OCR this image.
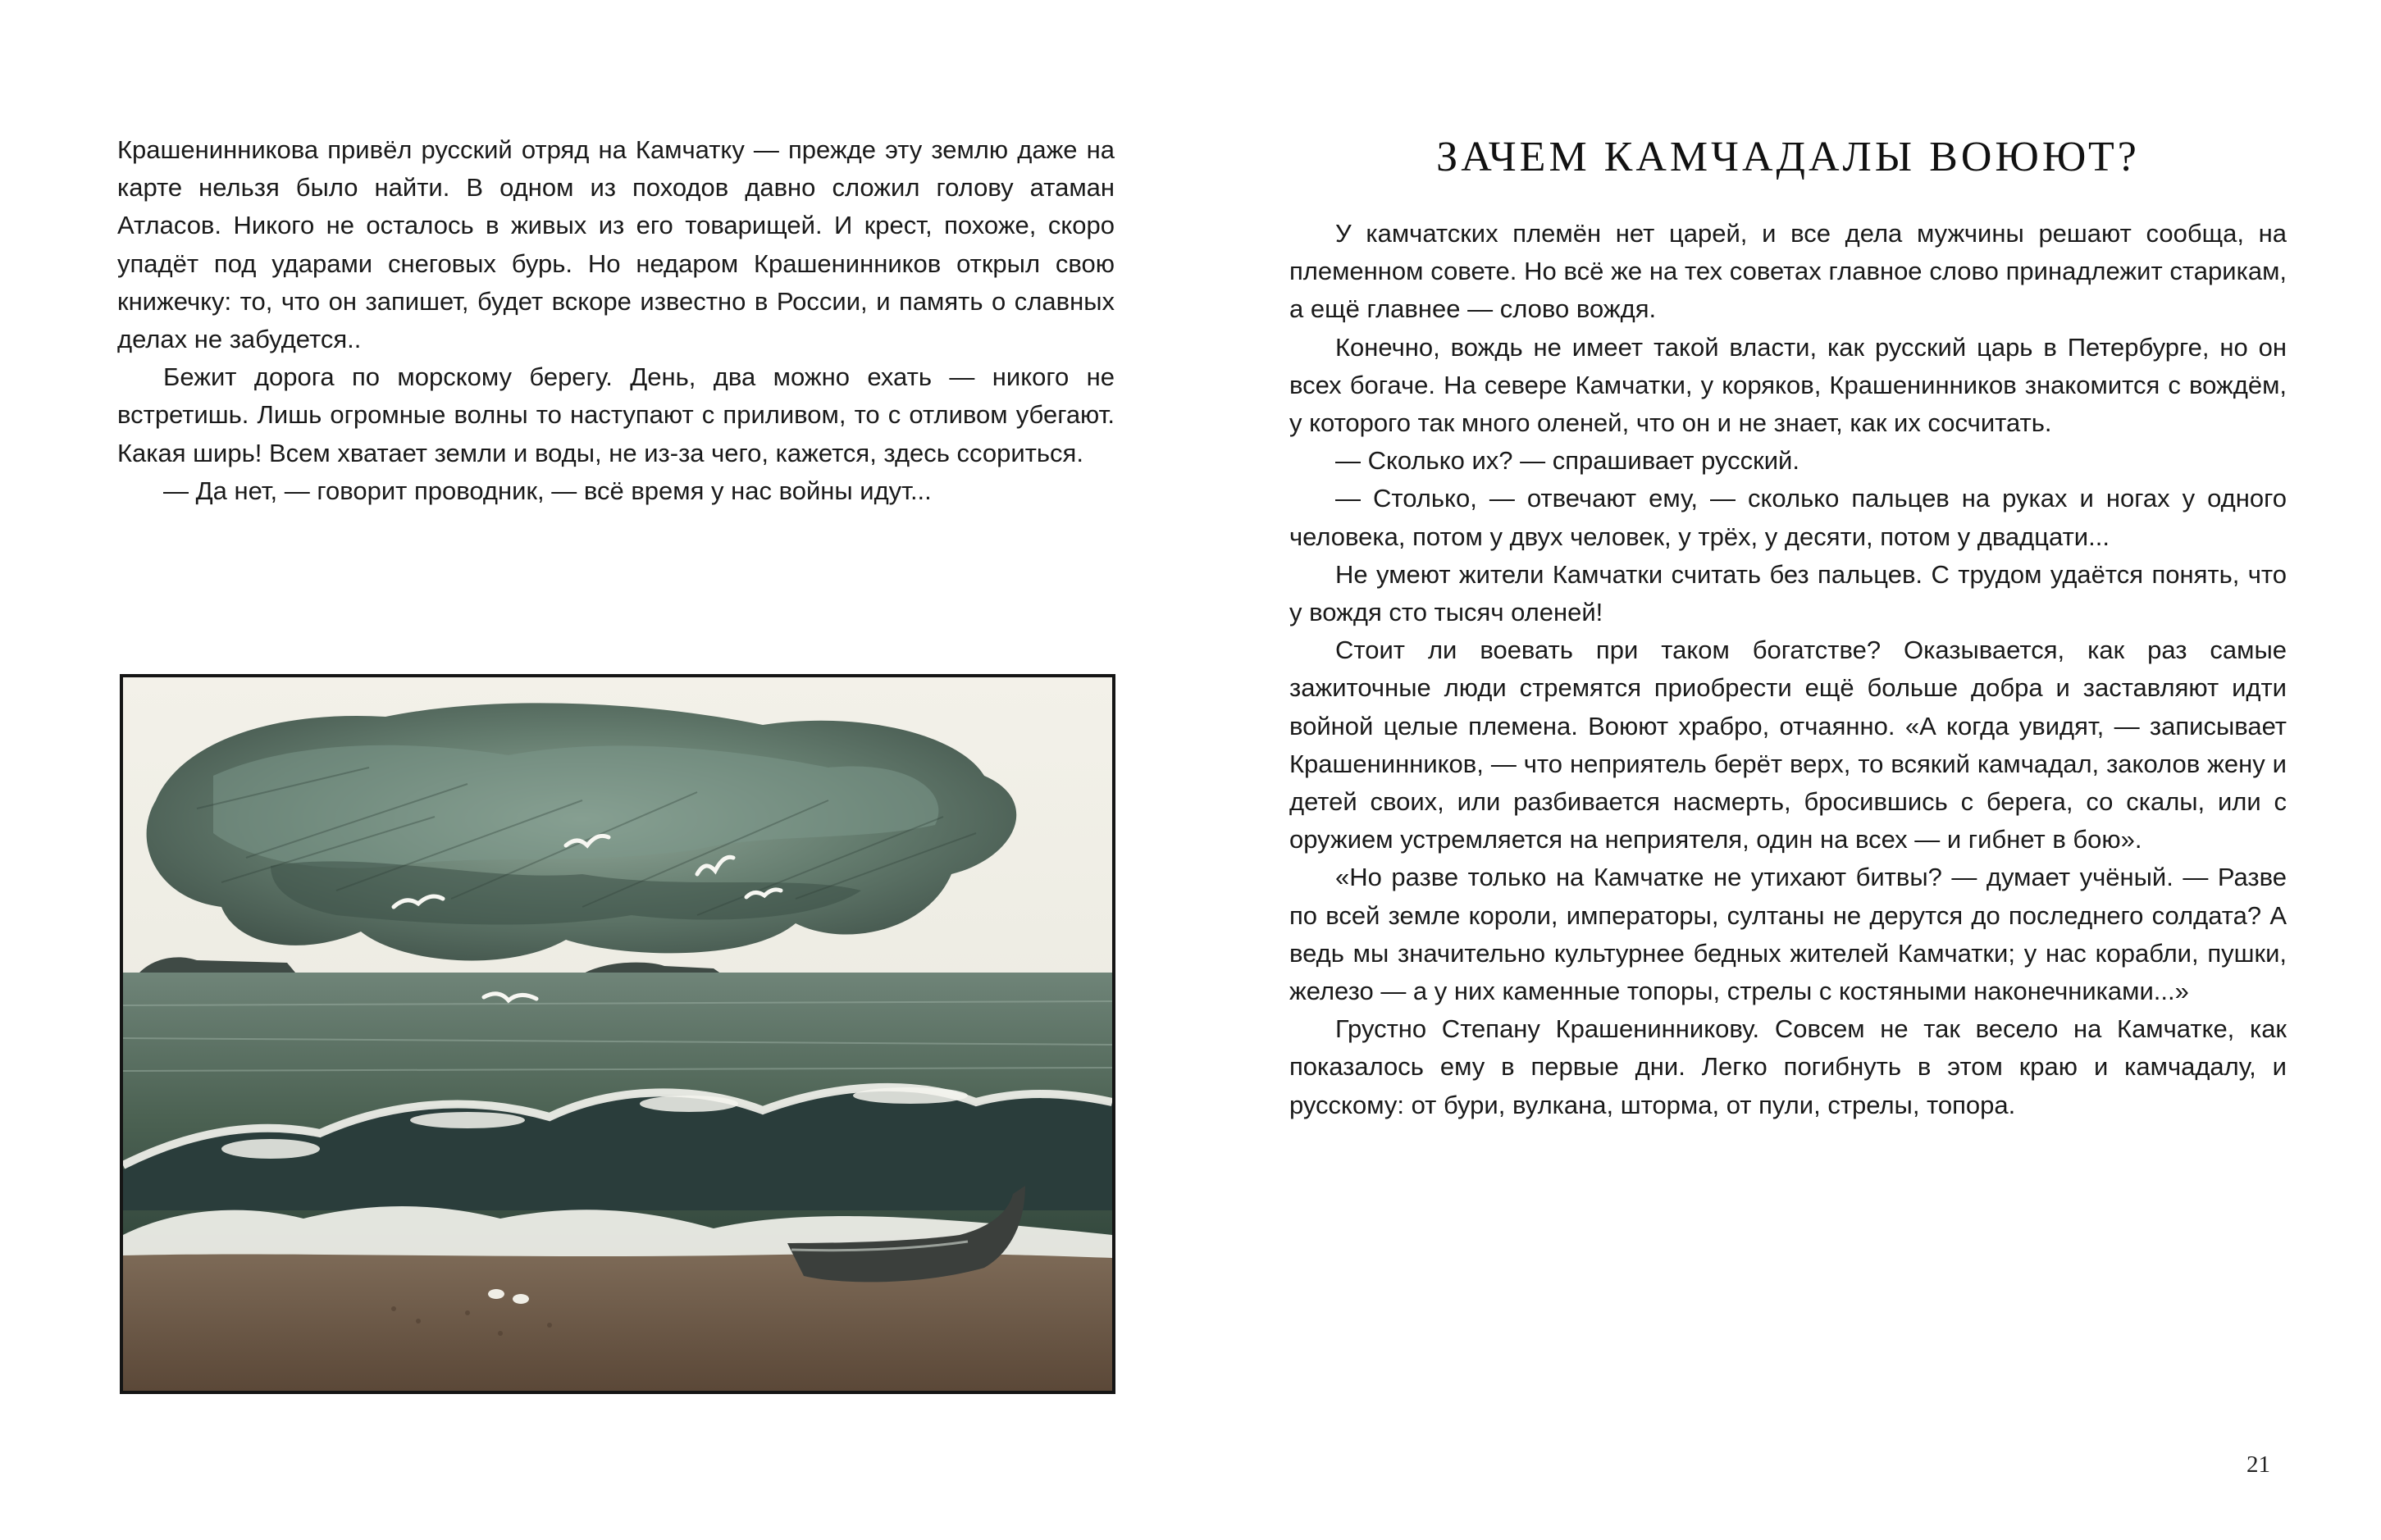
Крашенинникова привёл русский отряд на Камчатку — прежде эту землю даже на карте нельзя было найти. В одном из походов давно сложил голову атаман Атласов. Никого не осталось в живых из его товарищей. И крест, похоже, скоро упадёт под ударами снеговых бурь. Но недаром Крашенинников открыл свою книжечку: то, что он запишет, будет вскоре известно в России, и память о славных делах не забудется..

Бежит дорога по морскому берегу. День, два можно ехать — никого не встретишь. Лишь огромные волны то наступают с приливом, то с отливом убегают. Какая ширь! Всем хватает земли и воды, не из-за чего, кажется, здесь ссориться.

— Да нет, — говорит проводник, — всё время у нас войны идут...

ЗАЧЕМ КАМЧАДАЛЫ ВОЮЮТ?

У камчатских племён нет царей, и все дела мужчины решают сообща, на племенном совете. Но всё же на тех советах главное слово принадлежит старикам, а ещё главнее — слово вождя.

Конечно, вождь не имеет такой власти, как русский царь в Петербурге, но он всех богаче. На севере Камчатки, у коряков, Крашенинников знакомится с вождём, у которого так много оленей, что он и не знает, как их сосчитать.

— Сколько их? — спрашивает русский.

— Столько, — отвечают ему, — сколько пальцев на руках и ногах у одного человека, потом у двух человек, у трёх, у десяти, потом у двадцати...

Не умеют жители Камчатки считать без пальцев. С трудом удаётся понять, что у вождя сто тысяч оленей!

Стоит ли воевать при таком богатстве? Оказывается, как раз самые зажиточные люди стремятся приобрести ещё больше добра и заставляют идти войной целые племена. Воюют храбро, отчаянно. «А когда увидят, — записывает Крашенинников, — что неприятель берёт верх, то всякий камчадал, заколов жену и детей своих, или разбивается насмерть, бросившись с берега, со скалы, или с оружием устремляется на неприятеля, один на всех — и гибнет в бою».

«Но разве только на Камчатке не утихают битвы? — думает учёный. — Разве по всей земле короли, императоры, султаны не дерутся до последнего солдата? А ведь мы значительно культурнее бедных жителей Камчатки; у нас корабли, пушки, железо — а у них каменные топоры, стрелы с костяными наконечниками...»

Грустно Степану Крашенинникову. Совсем не так весело на Камчатке, как показалось ему в первые дни. Легко погибнуть в этом краю и камчадалу, и русскому: от бури, вулкана, шторма, от пули, стрелы, топора.

21
